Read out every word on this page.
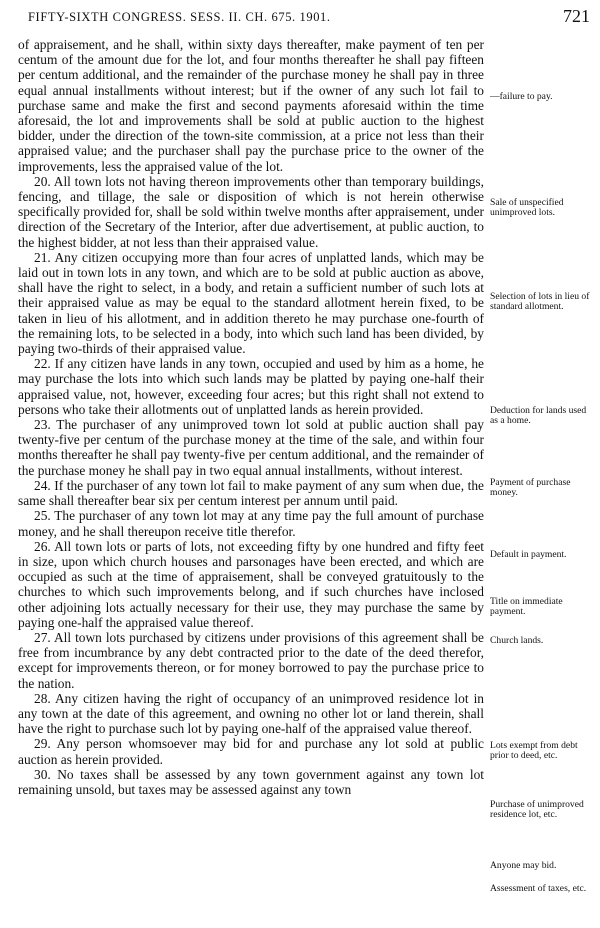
FIFTY-SIXTH CONGRESS. SESS. II. CH. 675. 1901.	721

of appraisement, and he shall, within sixty days thereafter, make payment of ten per centum of the amount due for the lot, and four months thereafter he shall pay fifteen per centum additional, and the remainder of the purchase money he shall pay in three equal annual installments without interest; but if the owner of any such lot fail to purchase same and make the first and second payments aforesaid within the time aforesaid, the lot and improvements shall be sold at public auction to the highest bidder, under the direction of the town-site commission, at a price not less than their appraised value; and the purchaser shall pay the purchase price to the owner of the improvements, less the appraised value of the lot.

20. All town lots not having thereon improvements other than temporary buildings, fencing, and tillage, the sale or disposition of which is not herein otherwise specifically provided for, shall be sold within twelve months after appraisement, under direction of the Secretary of the Interior, after due advertisement, at public auction, to the highest bidder, at not less than their appraised value.

21. Any citizen occupying more than four acres of unplatted lands, which may be laid out in town lots in any town, and which are to be sold at public auction as above, shall have the right to select, in a body, and retain a sufficient number of such lots at their appraised value as may be equal to the standard allotment herein fixed, to be taken in lieu of his allotment, and in addition thereto he may purchase one-fourth of the remaining lots, to be selected in a body, into which such land has been divided, by paying two-thirds of their appraised value.

22. If any citizen have lands in any town, occupied and used by him as a home, he may purchase the lots into which such lands may be platted by paying one-half their appraised value, not, however, exceeding four acres; but this right shall not extend to persons who take their allotments out of unplatted lands as herein provided.

23. The purchaser of any unimproved town lot sold at public auction shall pay twenty-five per centum of the purchase money at the time of the sale, and within four months thereafter he shall pay twenty-five per centum additional, and the remainder of the purchase money he shall pay in two equal annual installments, without interest.

24. If the purchaser of any town lot fail to make payment of any sum when due, the same shall thereafter bear six per centum interest per annum until paid.

25. The purchaser of any town lot may at any time pay the full amount of purchase money, and he shall thereupon receive title therefor.

26. All town lots or parts of lots, not exceeding fifty by one hundred and fifty feet in size, upon which church houses and parsonages have been erected, and which are occupied as such at the time of appraisement, shall be conveyed gratuitously to the churches to which such improvements belong, and if such churches have inclosed other adjoining lots actually necessary for their use, they may purchase the same by paying one-half the appraised value thereof.

27. All town lots purchased by citizens under provisions of this agreement shall be free from incumbrance by any debt contracted prior to the date of the deed therefor, except for improvements thereon, or for money borrowed to pay the purchase price to the nation.

28. Any citizen having the right of occupancy of an unimproved residence lot in any town at the date of this agreement, and owning no other lot or land therein, shall have the right to purchase such lot by paying one-half of the appraised value thereof.

29. Any person whomsoever may bid for and purchase any lot sold at public auction as herein provided.

30. No taxes shall be assessed by any town government against any town lot remaining unsold, but taxes may be assessed against any town

—failure to pay.
Sale of unspecified unimproved lots.
Selection of lots in lieu of standard allotment.
Deduction for lands used as a home.
Payment of purchase money.
Default in payment.
Title on immediate payment.
Church lands.
Lots exempt from debt prior to deed, etc.
Purchase of unimproved residence lot, etc.
Anyone may bid.
Assessment of taxes, etc.
